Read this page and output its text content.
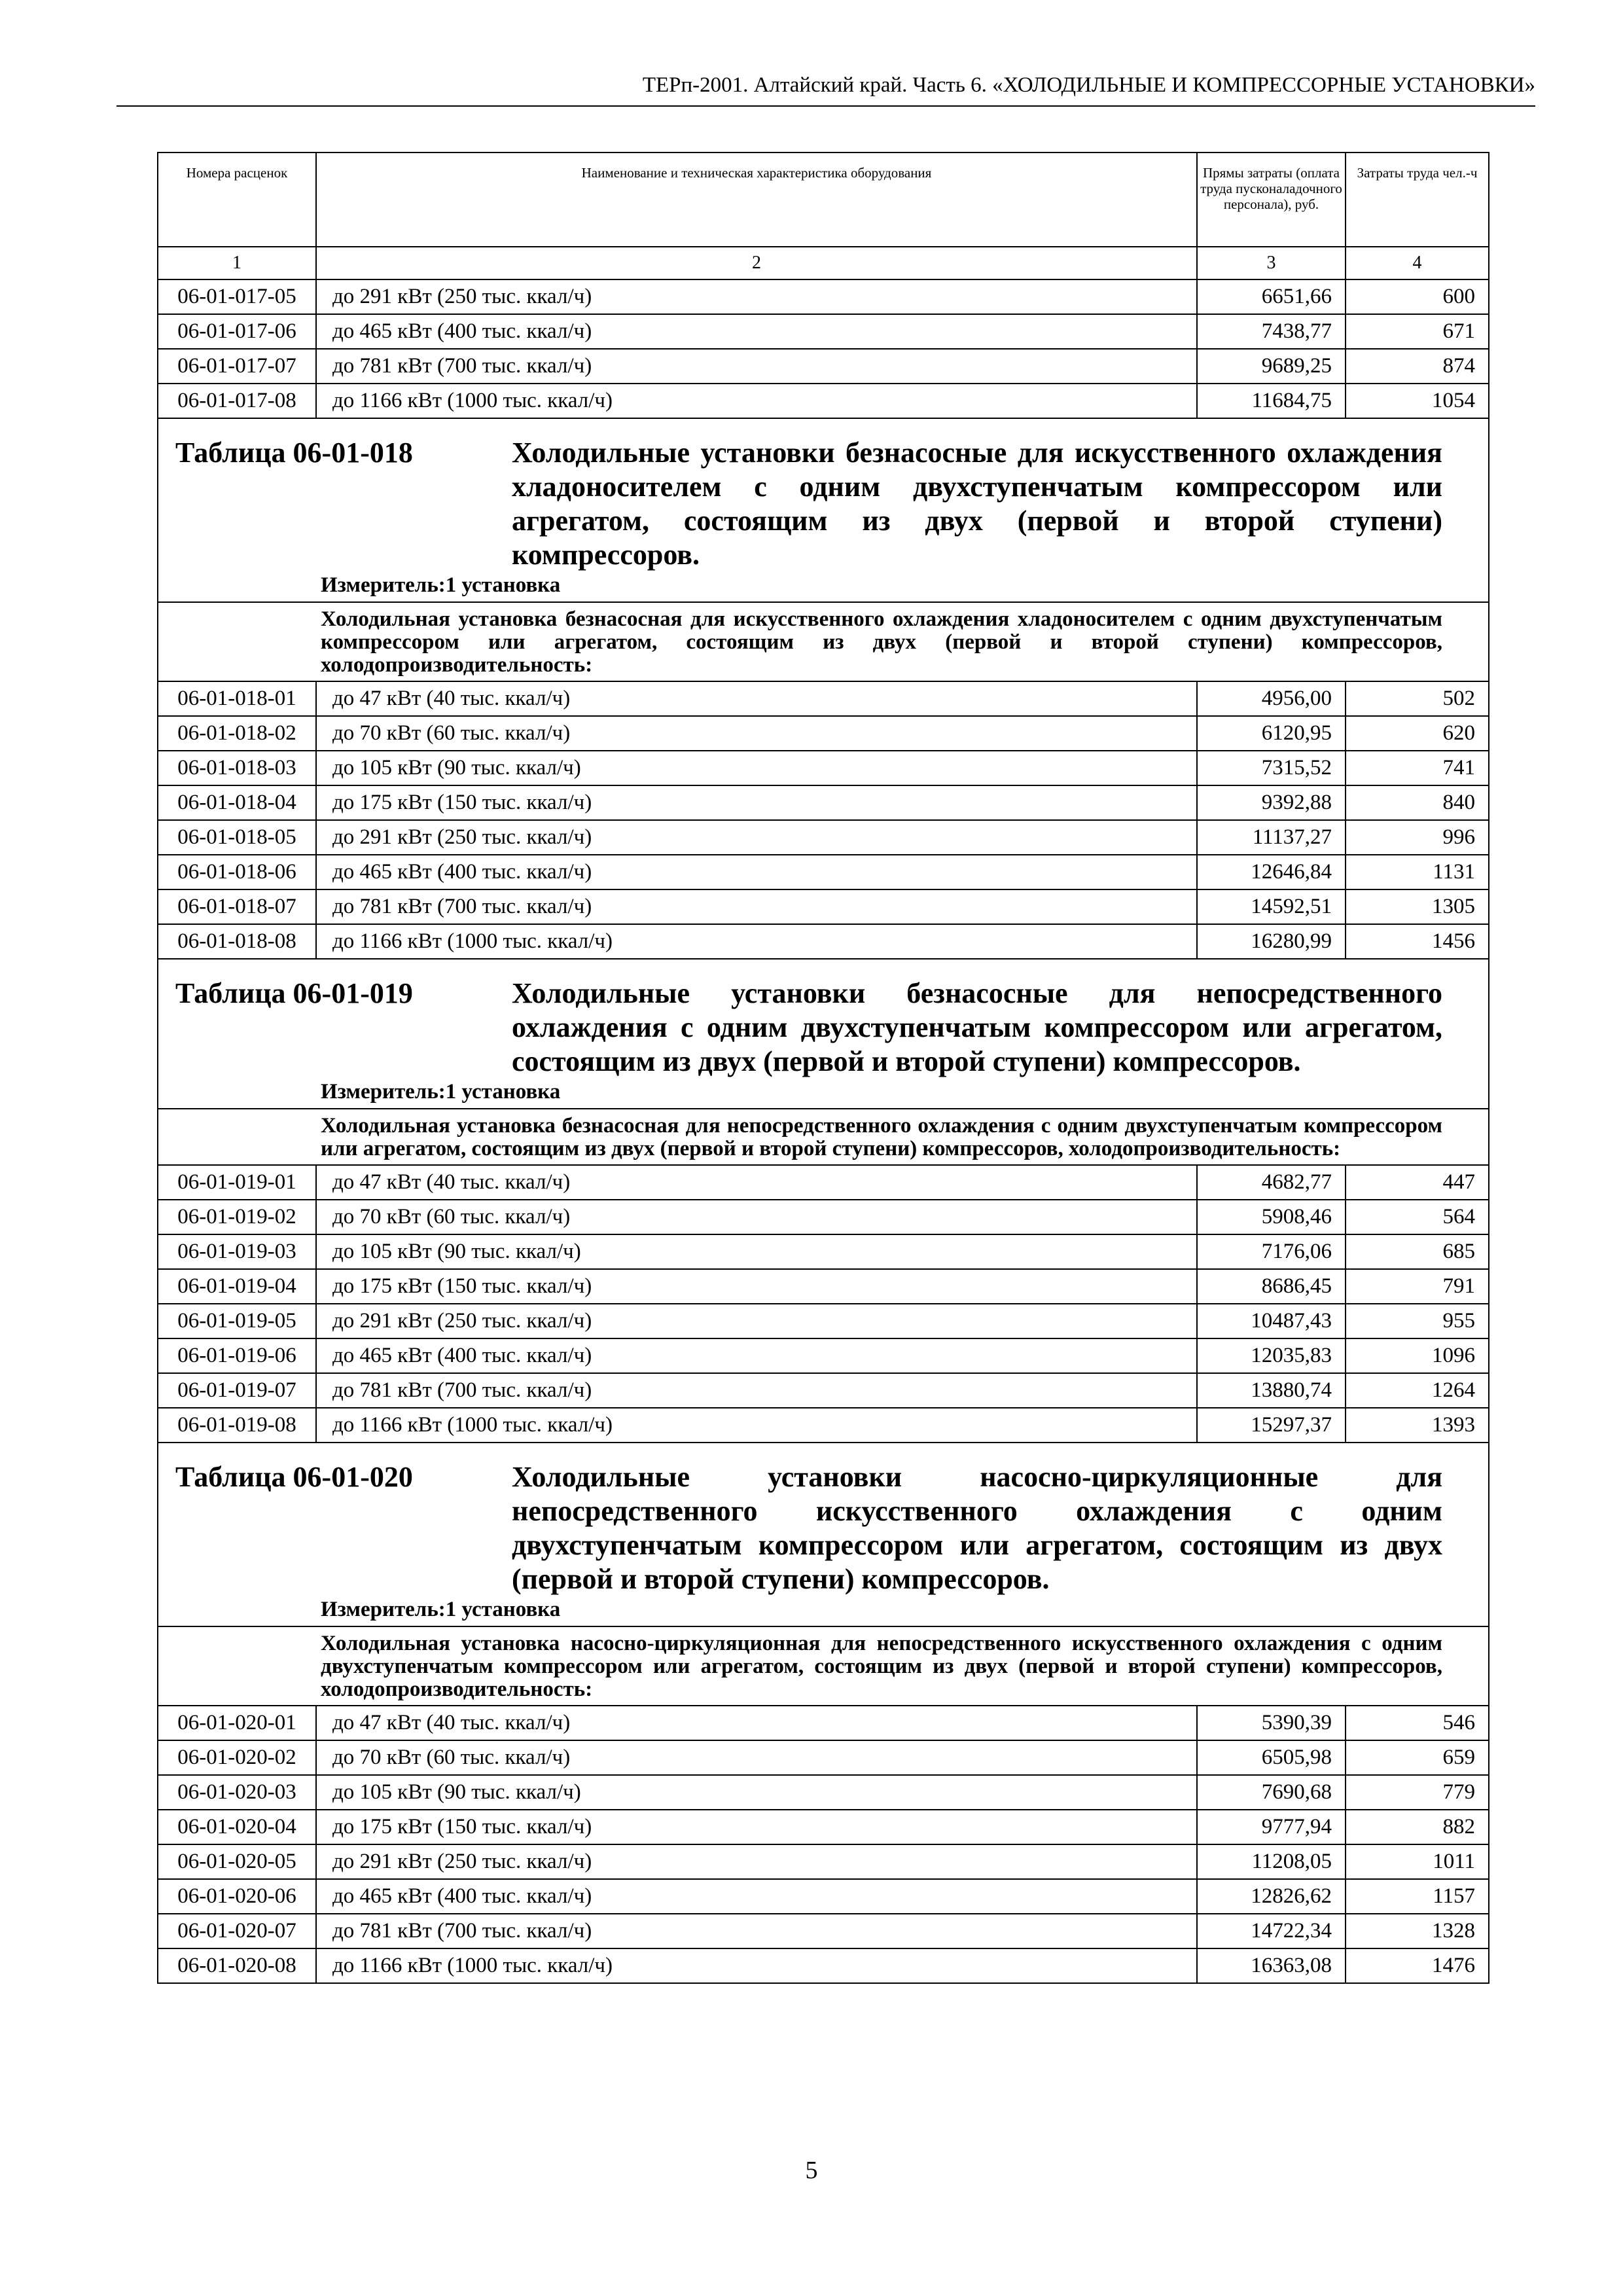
ТЕРп-2001. Алтайский край. Часть 6. «ХОЛОДИЛЬНЫЕ И КОМПРЕССОРНЫЕ УСТАНОВКИ»
Номера расценок	Наименование и техническая характеристика оборудования	Прямы затраты (оплата труда пусконаладочного персонала), руб.	Затраты труда чел.-ч
1	2	3	4
06-01-017-05	до 291 кВт (250 тыс. ккал/ч)	6651,66	600
06-01-017-06	до 465 кВт (400 тыс. ккал/ч)	7438,77	671
06-01-017-07	до 781 кВт (700 тыс. ккал/ч)	9689,25	874
06-01-017-08	до 1166 кВт (1000 тыс. ккал/ч)	11684,75	1054

Таблица 06-01-018 Холодильные установки безнасосные для искусственного охлаждения хладоносителем с одним двухступенчатым компрессором или агрегатом, состоящим из двух (первой и второй ступени) компрессоров.
Измеритель:1 установка			

Холодильная установка безнасосная для искусственного охлаждения хладоносителем с одним двухступенчатым компрессором или агрегатом, состоящим из двух (первой и второй ступени) компрессоров, холодопроизводительность:			

06-01-018-01	до 47 кВт (40 тыс. ккал/ч)	4956,00	502
06-01-018-02	до 70 кВт (60 тыс. ккал/ч)	6120,95	620
06-01-018-03	до 105 кВт (90 тыс. ккал/ч)	7315,52	741
06-01-018-04	до 175 кВт (150 тыс. ккал/ч)	9392,88	840
06-01-018-05	до 291 кВт (250 тыс. ккал/ч)	11137,27	996
06-01-018-06	до 465 кВт (400 тыс. ккал/ч)	12646,84	1131
06-01-018-07	до 781 кВт (700 тыс. ккал/ч)	14592,51	1305
06-01-018-08	до 1166 кВт (1000 тыс. ккал/ч)	16280,99	1456

Таблица 06-01-019 Холодильные установки безнасосные для непосредственного охлаждения с одним двухступенчатым компрессором или агрегатом, состоящим из двух (первой и второй ступени) компрессоров.
Измеритель:1 установка			

Холодильная установка безнасосная для непосредственного охлаждения с одним двухступенчатым компрессором или агрегатом, состоящим из двух (первой и второй ступени) компрессоров, холодопроизводительность:			

06-01-019-01	до 47 кВт (40 тыс. ккал/ч)	4682,77	447
06-01-019-02	до 70 кВт (60 тыс. ккал/ч)	5908,46	564
06-01-019-03	до 105 кВт (90 тыс. ккал/ч)	7176,06	685
06-01-019-04	до 175 кВт (150 тыс. ккал/ч)	8686,45	791
06-01-019-05	до 291 кВт (250 тыс. ккал/ч)	10487,43	955
06-01-019-06	до 465 кВт (400 тыс. ккал/ч)	12035,83	1096
06-01-019-07	до 781 кВт (700 тыс. ккал/ч)	13880,74	1264
06-01-019-08	до 1166 кВт (1000 тыс. ккал/ч)	15297,37	1393

Таблица 06-01-020 Холодильные установки насосно-циркуляционные для непосредственного искусственного охлаждения с одним двухступенчатым компрессором или агрегатом, состоящим из двух (первой и второй ступени) компрессоров.
Измеритель:1 установка			

Холодильная установка насосно-циркуляционная для непосредственного искусственного охлаждения с одним двухступенчатым компрессором или агрегатом, состоящим из двух (первой и второй ступени) компрессоров, холодопроизводительность:			

06-01-020-01	до 47 кВт (40 тыс. ккал/ч)	5390,39	546
06-01-020-02	до 70 кВт (60 тыс. ккал/ч)	6505,98	659
06-01-020-03	до 105 кВт (90 тыс. ккал/ч)	7690,68	779
06-01-020-04	до 175 кВт (150 тыс. ккал/ч)	9777,94	882
06-01-020-05	до 291 кВт (250 тыс. ккал/ч)	11208,05	1011
06-01-020-06	до 465 кВт (400 тыс. ккал/ч)	12826,62	1157
06-01-020-07	до 781 кВт (700 тыс. ккал/ч)	14722,34	1328
06-01-020-08	до 1166 кВт (1000 тыс. ккал/ч)	16363,08	1476
5
